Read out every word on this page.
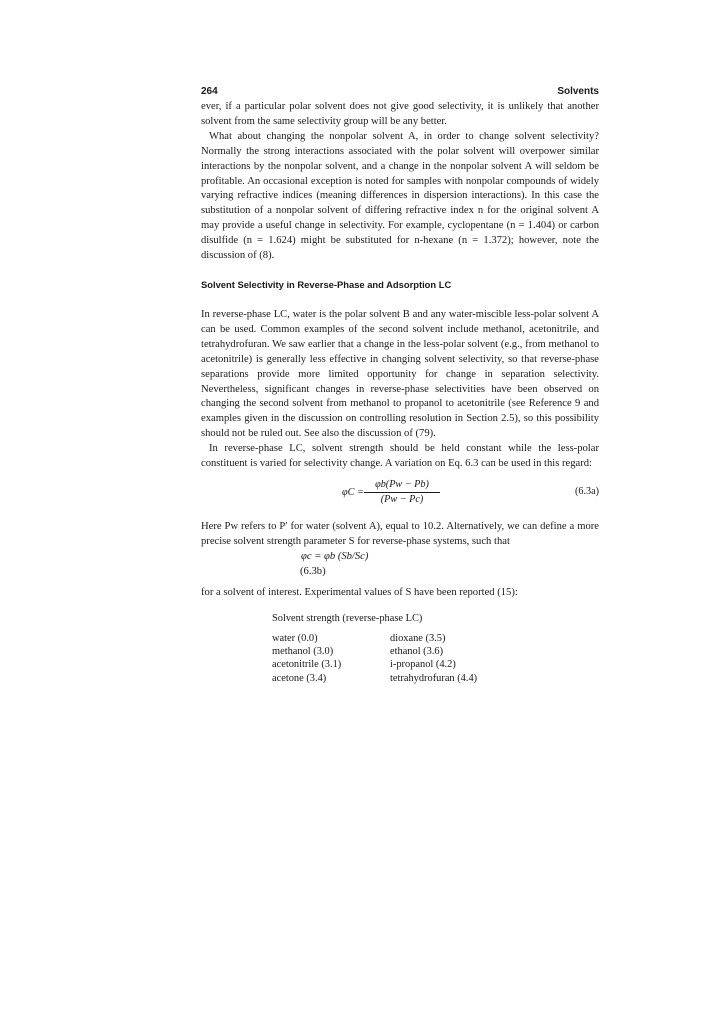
264	Solvents

ever, if a particular polar solvent does not give good selectivity, it is unlikely that another solvent from the same selectivity group will be any better.

What about changing the nonpolar solvent A, in order to change solvent selectivity? Normally the strong interactions associated with the polar solvent will overpower similar interactions by the nonpolar solvent, and a change in the nonpolar solvent A will seldom be profitable. An occasional exception is noted for samples with nonpolar compounds of widely varying refractive indices (meaning differences in dispersion interactions). In this case the substitution of a nonpolar solvent of differing refractive index n for the original solvent A may provide a useful change in selectivity. For example, cyclopentane (n = 1.404) or carbon disulfide (n = 1.624) might be substituted for n-hexane (n = 1.372); however, note the discussion of (8).

Solvent Selectivity in Reverse-Phase and Adsorption LC

In reverse-phase LC, water is the polar solvent B and any water-miscible less-polar solvent A can be used. Common examples of the second solvent include methanol, acetonitrile, and tetrahydrofuran. We saw earlier that a change in the less-polar solvent (e.g., from methanol to acetonitrile) is generally less effective in changing solvent selectivity, so that reverse-phase separations provide more limited opportunity for change in separation selectivity. Nevertheless, significant changes in reverse-phase selectivities have been observed on changing the second solvent from methanol to propanol to acetonitrile (see Reference 9 and examples given in the discussion on controlling resolution in Section 2.5), so this possibility should not be ruled out. See also the discussion of (79).

In reverse-phase LC, solvent strength should be held constant while the less-polar constituent is varied for selectivity change. A variation on Eq. 6.3 can be used in this regard:

$\varphi C = \frac{\varphi b(Pw - Pb)}{(Pw - Pc)}$	(6.3a)

Here Pw refers to P′ for water (solvent A), equal to 10.2. Alternatively, we can define a more precise solvent strength parameter S for reverse-phase systems, such that

φc = φb (Sb/Sc)
(6.3b)

for a solvent of interest. Experimental values of S have been reported (15):

Solvent strength (reverse-phase LC)
water (0.0)	dioxane (3.5)
methanol (3.0)	ethanol (3.6)
acetonitrile (3.1)	i-propanol (4.2)
acetone (3.4)	tetrahydrofuran (4.4)
